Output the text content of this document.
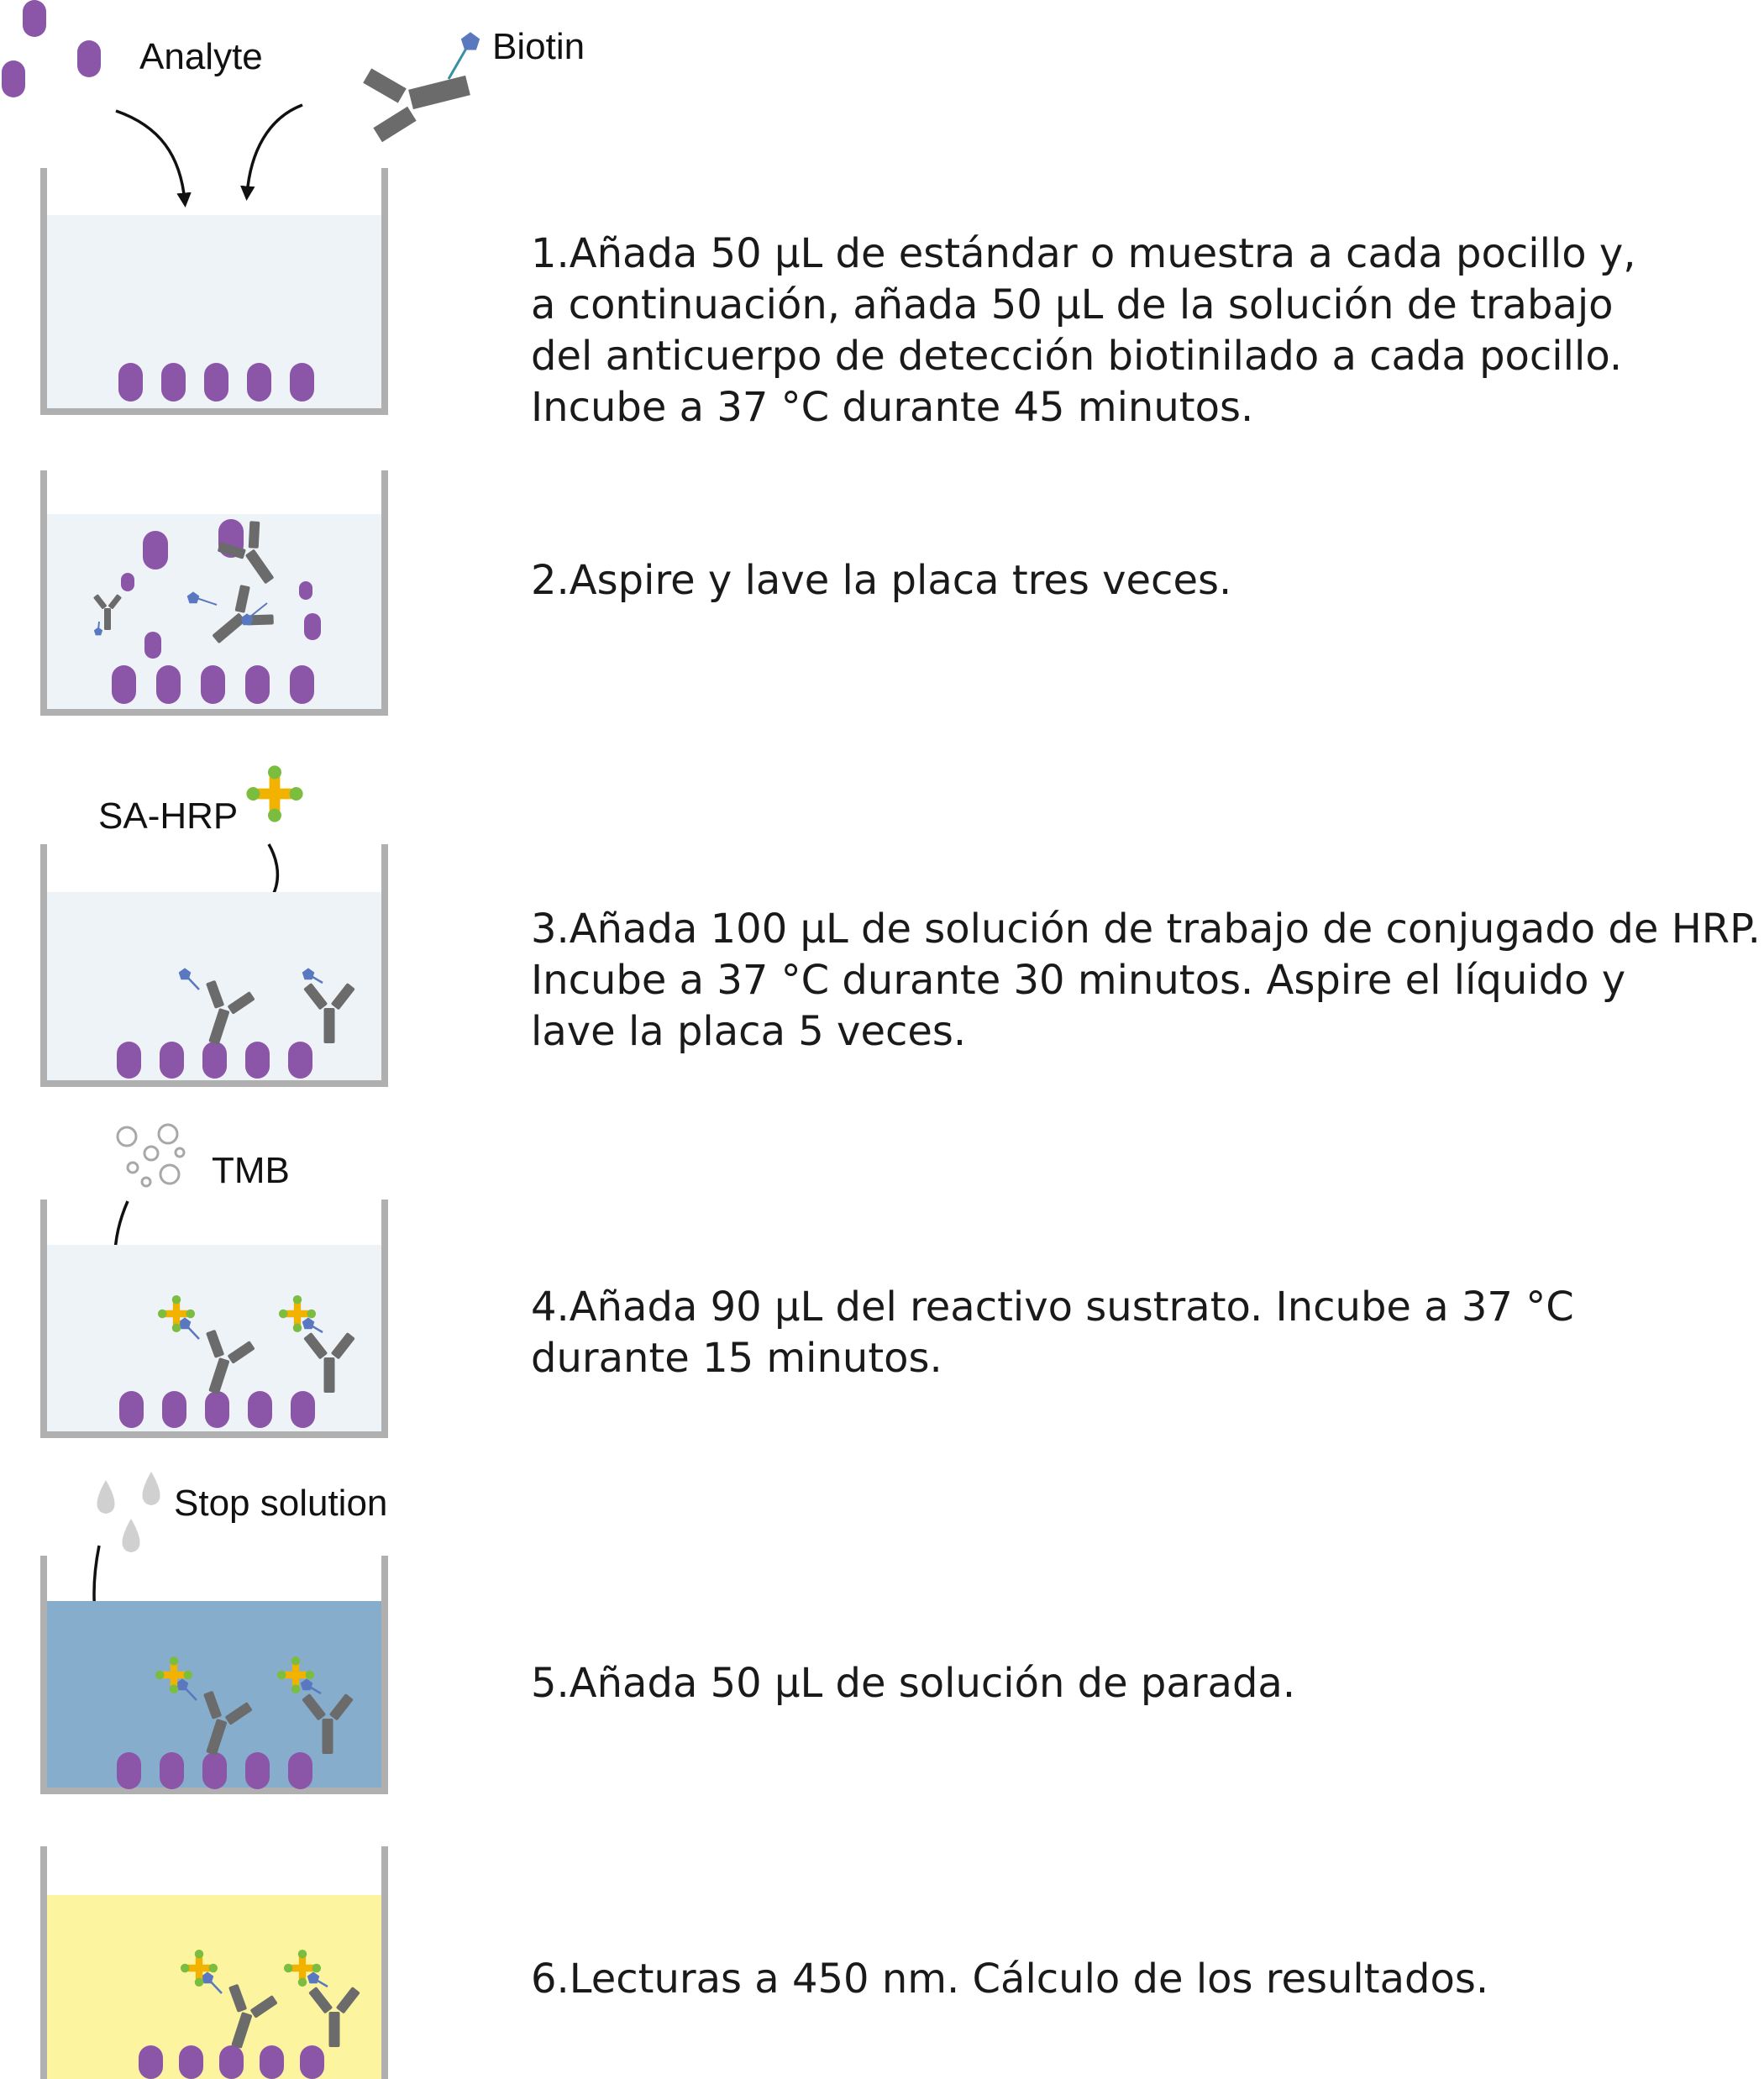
Analyte	Biotin
SA-HRP
TMB
Stop solution

1.Añada 50 μL de estándar o muestra a cada pocillo y,
a continuación, añada 50 μL de la solución de trabajo
del anticuerpo de detección biotinilado a cada pocillo.
Incube a 37 °C durante 45 minutos.

2.Aspire y lave la placa tres veces.

3.Añada 100 μL de solución de trabajo de conjugado de HRP.
Incube a 37 °C durante 30 minutos. Aspire el líquido y
lave la placa 5 veces.

4.Añada 90 μL del reactivo sustrato. Incube a 37 °C
durante 15 minutos.

5.Añada 50 μL de solución de parada.

6.Lecturas a 450 nm. Cálculo de los resultados.
